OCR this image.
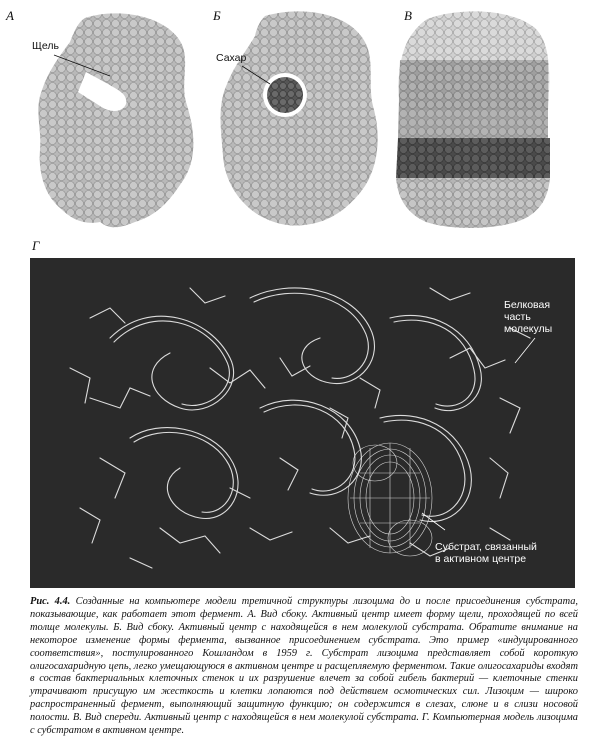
А	Б	В
Г
Щель
Сахар
Белковая
часть
молекулы
Субстрат, связанный
в активном центре
Рис. 4.4. Созданные на компьютере модели третичной структуры лизоцима до и после присоединения субстрата, показывающие, как работает этот фермент. А. Вид сбоку. Активный центр имеет форму щели, проходящей по всей толще молекулы. Б. Вид сбоку. Активный центр с находящейся в нем молекулой субстрата. Обратите внимание на некоторое изменение формы фермента, вызванное присоединением субстрата. Это пример «индуцированного соответствия», постулированного Кошландом в 1959 г. Субстрат лизоцима представляет собой короткую олигосахаридную цепь, легко умещающуюся в активном центре и расщепляемую ферментом. Такие олигосахариды входят в состав бактериальных клеточных стенок и их разрушение влечет за собой гибель бактерий — клеточные стенки утрачивают присущую им жесткость и клетки лопаются под действием осмотических сил. Лизоцим — широко распространенный фермент, выполняющий защитную функцию; он содержится в слезах, слюне и в слизи носовой полости. В. Вид спереди. Активный центр с находящейся в нем молекулой субстрата. Г. Компьютерная модель лизоцима с субстратом в активном центре.
